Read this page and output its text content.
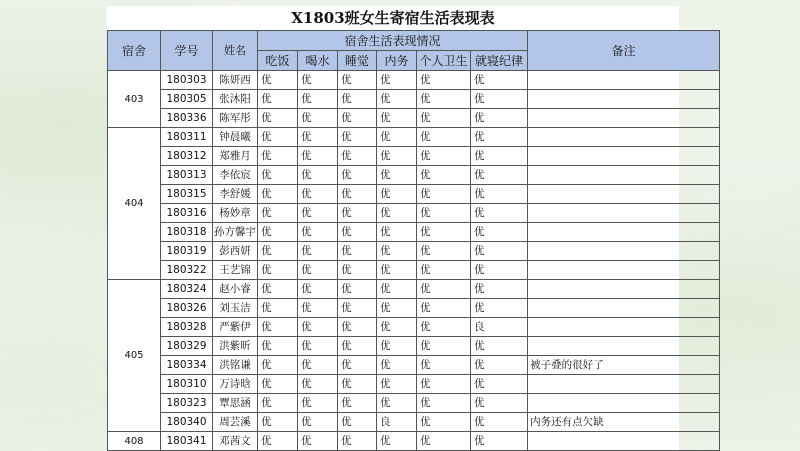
X1803班女生寄宿生活表现表
宿舍	学号	姓名	宿舍生活表现情况						备注
			吃饭	喝水	睡觉	内务	个人卫生	就寝纪律	
403	180303	陈妍西	优	优	优	优	优	优	
	180305	张沐阳	优	优	优	优	优	优	
	180336	陈军彤	优	优	优	优	优	优	
404	180311	钟晨曦	优	优	优	优	优	优	
	180312	郑雅月	优	优	优	优	优	优	
	180313	李依宸	优	优	优	优	优	优	
	180315	李舒媛	优	优	优	优	优	优	
	180316	杨妙章	优	优	优	优	优	优	
	180318	孙方馨宇	优	优	优	优	优	优	
	180319	彭西妍	优	优	优	优	优	优	
	180322	王艺锦	优	优	优	优	优	优	
405	180324	赵小睿	优	优	优	优	优	优	
	180326	刘玉洁	优	优	优	优	优	优	
	180328	严紫伊	优	优	优	优	优	良	
	180329	洪紫昕	优	优	优	优	优	优	
	180334	洪铭谦	优	优	优	优	优	优	被子叠的很好了
	180310	万诗晗	优	优	优	优	优	优	
	180323	覃思涵	优	优	优	优	优	优	
	180340	周芸溪	优	优	优	良	优	优	内务还有点欠缺
408	180341	邓茜文	优	优	优	优	优	优	
